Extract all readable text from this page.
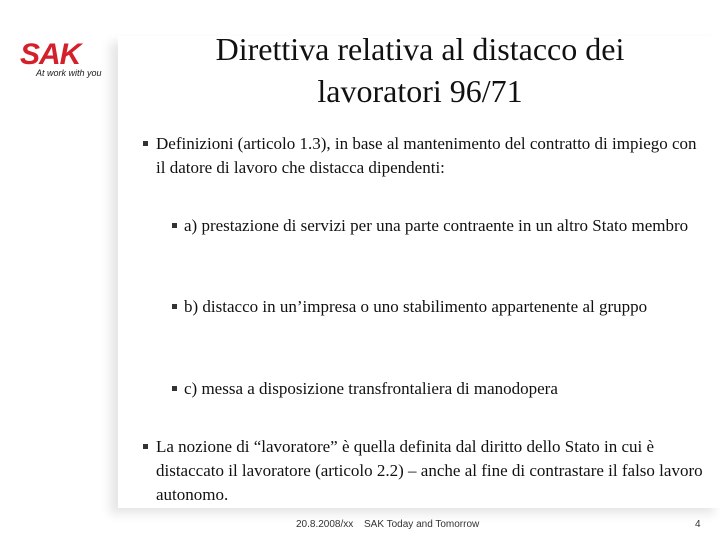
SAK
At work with you
Direttiva relativa al distacco dei
lavoratori 96/71
Definizioni (articolo 1.3), in base al mantenimento del contratto di impiego con il datore di lavoro che distacca dipendenti:
a) prestazione di servizi per una parte contraente in un altro Stato membro
b) distacco in un’impresa o uno stabilimento appartenente al gruppo
c) messa a disposizione transfrontaliera di manodopera
La nozione di “lavoratore” è quella definita dal diritto dello Stato in cui è distaccato il lavoratore (articolo 2.2) – anche al fine di contrastare il falso lavoro autonomo.
20.8.2008/xx SAK Today and Tomorrow	4
